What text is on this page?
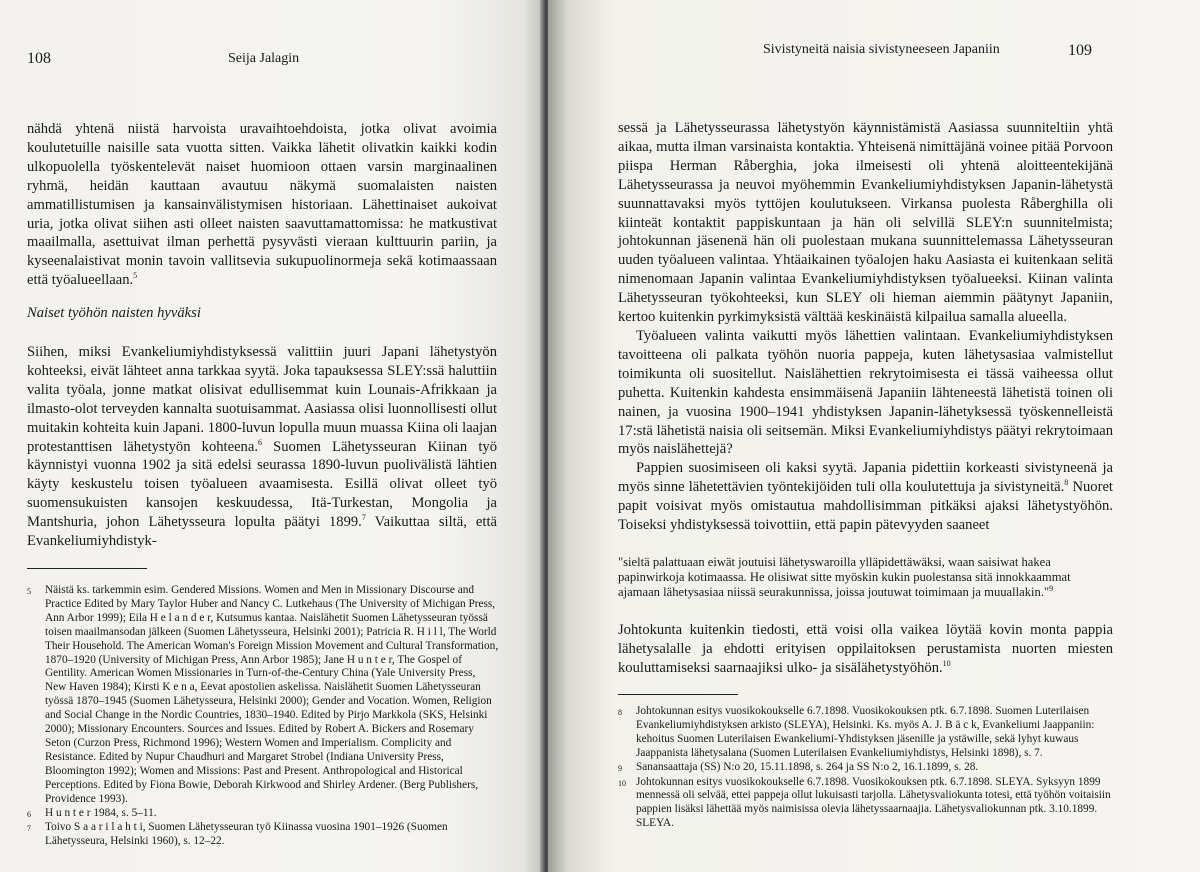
108	Seija Jalagin

nähdä yhtenä niistä harvoista uravaihtoehdoista, jotka olivat avoimia koulutetuille naisille sata vuotta sitten. Vaikka lähetit olivatkin kaikki kodin ulkopuolella työskentelevät naiset huomioon ottaen varsin marginaalinen ryhmä, heidän kauttaan avautuu näkymä suomalaisten naisten ammatillistumisen ja kansainvälistymisen historiaan. Lähettinaiset aukoivat uria, jotka olivat siihen asti olleet naisten saavuttamattomissa: he matkustivat maailmalla, asettuivat ilman perhettä pysyvästi vieraan kulttuurin pariin, ja kyseenalaistivat monin tavoin vallitsevia sukupuolinormeja sekä kotimaassaan että työalueellaan.$^5$

Naiset työhön naisten hyväksi

Siihen, miksi Evankeliumiyhdistyksessä valittiin juuri Japani lähetystyön kohteeksi, eivät lähteet anna tarkkaa syytä. Joka tapauksessa SLEY:ssä haluttiin valita työala, jonne matkat olisivat edullisemmat kuin Lounais-Afrikkaan ja ilmasto-olot terveyden kannalta suotuisammat. Aasiassa olisi luonnollisesti ollut muitakin kohteita kuin Japani. 1800-luvun lopulla muun muassa Kiina oli laajan protestanttisen lähetystyön kohteena.$^6$ Suomen Lähetysseuran Kiinan työ käynnistyi vuonna 1902 ja sitä edelsi seurassa 1890-luvun puolivälistä lähtien käyty keskustelu toisen työalueen avaamisesta. Esillä olivat olleet työ suomensukuisten kansojen keskuudessa, Itä-Turkestan, Mongolia ja Mantshuria, johon Lähetysseura lopulta päätyi 1899.$^7$ Vaikuttaa siltä, että Evankeliumiyhdistyk-

5	Näistä ks. tarkemmin esim. Gendered Missions. Women and Men in Missionary Discourse and Practice Edited by Mary Taylor Huber and Nancy C. Lutkehaus (The University of Michigan Press, Ann Arbor 1999); Eila H e l a n d e r, Kutsumus kantaa. Naislähetit Suomen Lähetysseuran työssä toisen maailmansodan jälkeen (Suomen Lähetysseura, Helsinki 2001); Patricia R. H i l l, The World Their Household. The American Woman's Foreign Mission Movement and Cultural Transformation, 1870–1920 (University of Michigan Press, Ann Arbor 1985); Jane H u n t e r, The Gospel of Gentility. American Women Missionaries in Turn-of-the-Century China (Yale University Press, New Haven 1984); Kirsti K e n a, Eevat apostolien askelissa. Naislähetit Suomen Lähetysseuran työssä 1870–1945 (Suomen Lähetysseura, Helsinki 2000); Gender and Vocation. Women, Religion and Social Change in the Nordic Countries, 1830–1940. Edited by Pirjo Markkola (SKS, Helsinki 2000); Missionary Encounters. Sources and Issues. Edited by Robert A. Bickers and Rosemary Seton (Curzon Press, Richmond 1996); Western Women and Imperialism. Complicity and Resistance. Edited by Nupur Chaudhuri and Margaret Strobel (Indiana University Press, Bloomington 1992); Women and Missions: Past and Present. Anthropological and Historical Perceptions. Edited by Fiona Bowie, Deborah Kirkwood and Shirley Ardener. (Berg Publishers, Providence 1993).

6	H u n t e r 1984, s. 5–11.

7	Toivo S a a r i l a h t i, Suomen Lähetysseuran työ Kiinassa vuosina 1901–1926 (Suomen Lähetysseura, Helsinki 1960), s. 12–22.

Sivistyneitä naisia sivistyneeseen Japaniin	109

sessä ja Lähetysseurassa lähetystyön käynnistämistä Aasiassa suunniteltiin yhtä aikaa, mutta ilman varsinaista kontaktia. Yhteisenä nimittäjänä voinee pitää Porvoon piispa Herman Råberghia, joka ilmeisesti oli yhtenä aloitteentekijänä Lähetysseurassa ja neuvoi myöhemmin Evankeliumiyhdistyksen Japanin-lähetystä suunnattavaksi myös tyttöjen koulutukseen. Virkansa puolesta Råberghilla oli kiinteät kontaktit pappiskuntaan ja hän oli selvillä SLEY:n suunnitelmista; johtokunnan jäsenenä hän oli puolestaan mukana suunnittelemassa Lähetysseuran uuden työalueen valintaa. Yhtäaikainen työalojen haku Aasiasta ei kuitenkaan selitä nimenomaan Japanin valintaa Evankeliumiyhdistyksen työalueeksi. Kiinan valinta Lähetysseuran työkohteeksi, kun SLEY oli hieman aiemmin päätynyt Japaniin, kertoo kuitenkin pyrkimyksistä välttää keskinäistä kilpailua samalla alueella.

Työalueen valinta vaikutti myös lähettien valintaan. Evankeliumiyhdistyksen tavoitteena oli palkata työhön nuoria pappeja, kuten lähetysasiaa valmistellut toimikunta oli suositellut. Naislähettien rekrytoimisesta ei tässä vaiheessa ollut puhetta. Kuitenkin kahdesta ensimmäisenä Japaniin lähteneestä lähetistä toinen oli nainen, ja vuosina 1900–1941 yhdistyksen Japanin-lähetyksessä työskennelleistä 17:stä lähetistä naisia oli seitsemän. Miksi Evankeliumiyhdistys päätyi rekrytoimaan myös naislähettejä?

Pappien suosimiseen oli kaksi syytä. Japania pidettiin korkeasti sivistyneenä ja myös sinne lähetettävien työntekijöiden tuli olla koulutettuja ja sivistyneitä.$^8$ Nuoret papit voisivat myös omistautua mahdollisimman pitkäksi ajaksi lähetystyöhön. Toiseksi yhdistyksessä toivottiin, että papin pätevyyden saaneet

"sieltä palattuaan eiwät joutuisi lähetyswaroilla ylläpidettäwäksi, waan saisiwat hakea papinwirkoja kotimaassa. He olisiwat sitte myöskin kukin puolestansa sitä innokkaammat ajamaan lähetysasiaa niissä seurakunnissa, joissa joutuwat toimimaan ja muuallakin."$^9$

Johtokunta kuitenkin tiedosti, että voisi olla vaikea löytää kovin monta pappia lähetysalalle ja ehdotti erityisen oppilaitoksen perustamista nuorten miesten kouluttamiseksi saarnaajiksi ulko- ja sisälähetystyöhön.$^{10}$

8	Johtokunnan esitys vuosikokoukselle 6.7.1898. Vuosikokouksen ptk. 6.7.1898. Suomen Luterilaisen Evankeliumiyhdistyksen arkisto (SLEYA), Helsinki. Ks. myös A. J. B ä c k, Evankeliumi Jaappaniin: kehoitus Suomen Luterilaisen Ewankeliumi-Yhdistyksen jäsenille ja ystäwille, sekä lyhyt kuwaus Jaappanista lähetysalana (Suomen Luterilaisen Evankeliumiyhdistys, Helsinki 1898), s. 7.

9	Sanansaattaja (SS) N:o 20, 15.11.1898, s. 264 ja SS N:o 2, 16.1.1899, s. 28.

10 Johtokunnan esitys vuosikokoukselle 6.7.1898. Vuosikokouksen ptk. 6.7.1898. SLEYA. Syksyyn 1899 mennessä oli selvää, ettei pappeja ollut lukuisasti tarjolla. Lähetysvaliokunta totesi, että työhön voitaisiin pappien lisäksi lähettää myös naimisissa olevia lähetyssaarnaajia. Lähetysvaliokunnan ptk. 3.10.1899. SLEYA.
